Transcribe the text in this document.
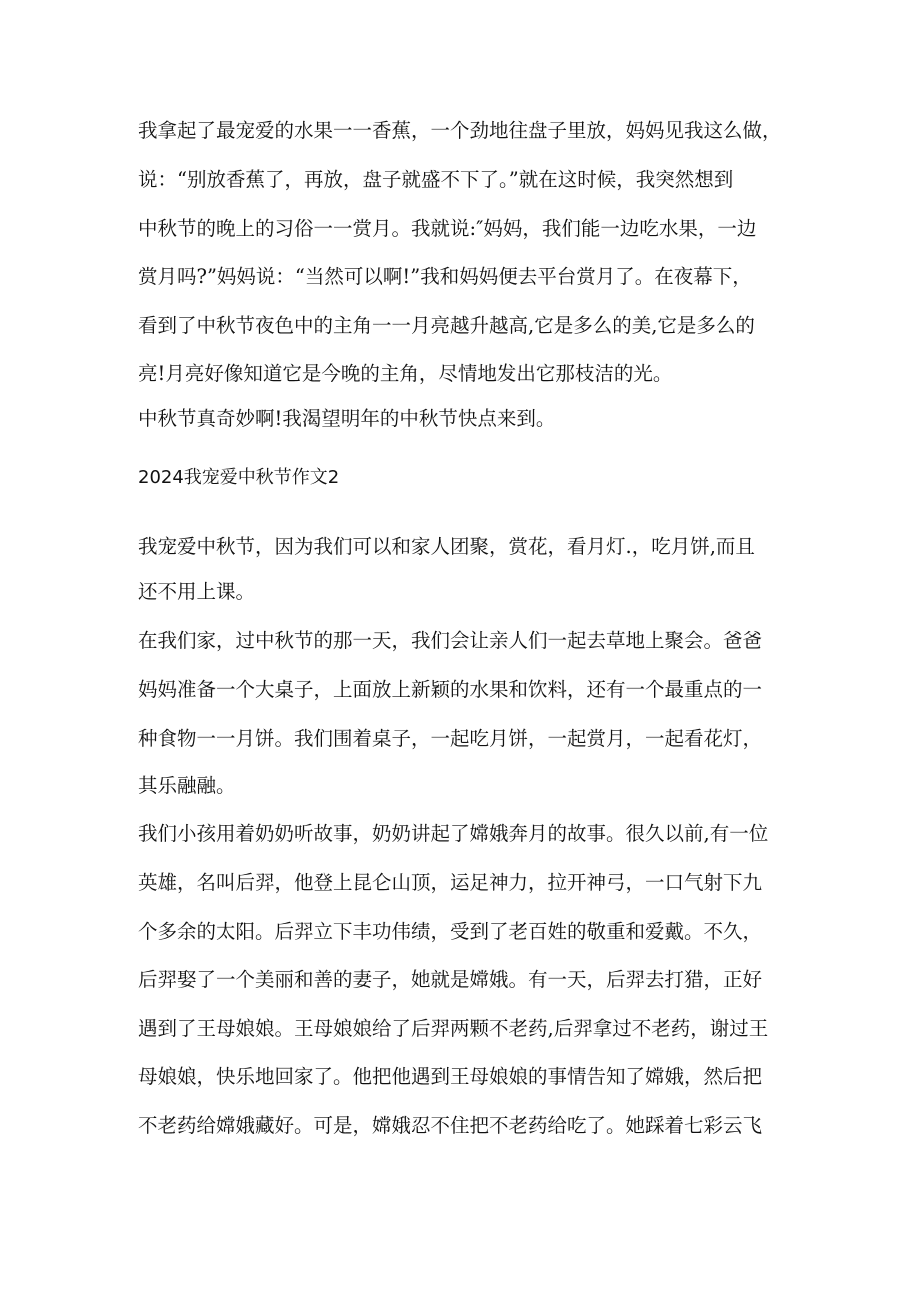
我拿起了最宠爱的水果一一香蕉，一个劲地往盘子里放，妈妈见我这么做，
说：“别放香蕉了，再放，盘子就盛不下了。”就在这时候，我突然想到
中秋节的晚上的习俗一一赏月。我就说:″妈妈，我们能一边吃水果，一边
赏月吗?”妈妈说：“当然可以啊!”我和妈妈便去平台赏月了。在夜幕下，
看到了中秋节夜色中的主角一一月亮越升越高,它是多么的美,它是多么的
亮!月亮好像知道它是今晚的主角，尽情地发出它那枝洁的光。
中秋节真奇妙啊!我渴望明年的中秋节快点来到。
2024我宠爱中秋节作文2
我宠爱中秋节，因为我们可以和家人团聚，赏花，看月灯.，吃月饼,而且
还不用上课。
在我们家，过中秋节的那一天，我们会让亲人们一起去草地上聚会。爸爸
妈妈准备一个大桌子，上面放上新颖的水果和饮料，还有一个最重点的一
种食物一一月饼。我们围着桌子，一起吃月饼，一起赏月，一起看花灯，
其乐融融。
我们小孩用着奶奶听故事，奶奶讲起了嫦娥奔月的故事。很久以前,有一位
英雄，名叫后羿，他登上昆仑山顶，运足神力，拉开神弓，一口气射下九
个多余的太阳。后羿立下丰功伟绩，受到了老百姓的敬重和爱戴。不久，
后羿娶了一个美丽和善的妻子，她就是嫦娥。有一天，后羿去打猎，正好
遇到了王母娘娘。王母娘娘给了后羿两颗不老药,后羿拿过不老药，谢过王
母娘娘，快乐地回家了。他把他遇到王母娘娘的事情告知了嫦娥，然后把
不老药给嫦娥藏好。可是，嫦娥忍不住把不老药给吃了。她踩着七彩云飞
